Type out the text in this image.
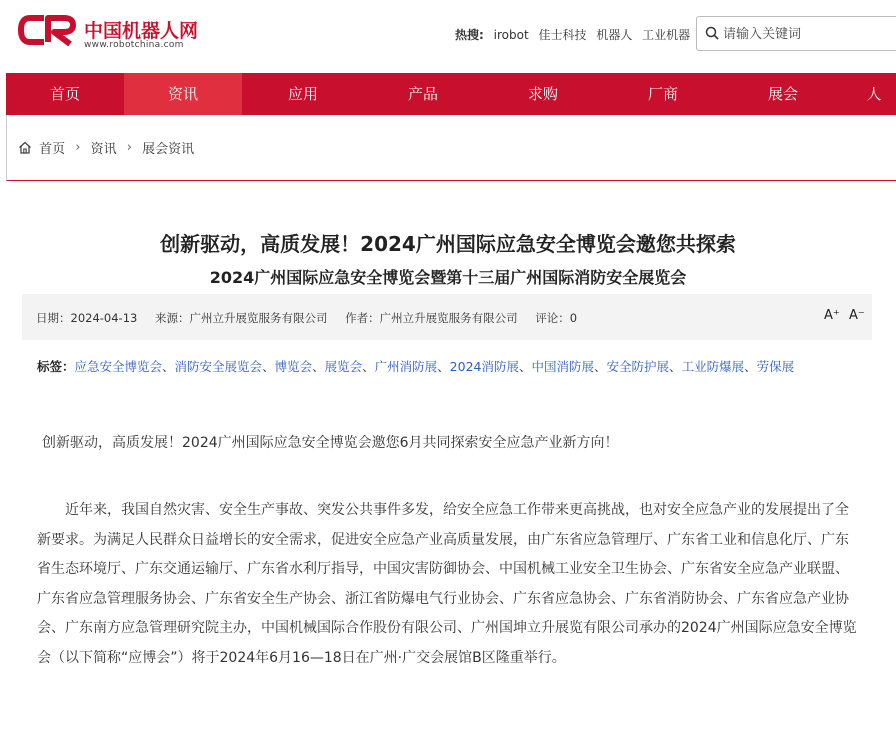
中国机器人网
www.robotchina.com
热搜: irobot 佳士科技 机器人 工业机器
请输入关键词
首页	资讯	应用	产品	求购	厂商	展会	人
首页 › 资讯 › 展会资讯
创新驱动，高质发展！2024广州国际应急安全博览会邀您共探索
2024广州国际应急安全博览会暨第十三届广州国际消防安全展览会
日期：2024-04-13 来源：广州立升展览服务有限公司 作者：广州立升展览服务有限公司 评论：0	A⁺ A⁻
标签：应急安全博览会、消防安全展览会、博览会、展览会、广州消防展、2024消防展、中国消防展、安全防护展、工业防爆展、劳保展
创新驱动，高质发展！2024广州国际应急安全博览会邀您6月共同探索安全应急产业新方向！
近年来，我国自然灾害、安全生产事故、突发公共事件多发，给安全应急工作带来更高挑战，也对安全应急产业的发展提出了全新要求。为满足人民群众日益增长的安全需求，促进安全应急产业高质量发展，由广东省应急管理厅、广东省工业和信息化厅、广东省生态环境厅、广东交通运输厅、广东省水利厅指导，中国灾害防御协会、中国机械工业安全卫生协会、广东省安全应急产业联盟、广东省应急管理服务协会、广东省安全生产协会、浙江省防爆电气行业协会、广东省应急协会、广东省消防协会、广东省应急产业协会、广东南方应急管理研究院主办，中国机械国际合作股份有限公司、广州国坤立升展览有限公司承办的2024广州国际应急安全博览会（以下简称“应博会”）将于2024年6月16—18日在广州·广交会展馆B区隆重举行。
